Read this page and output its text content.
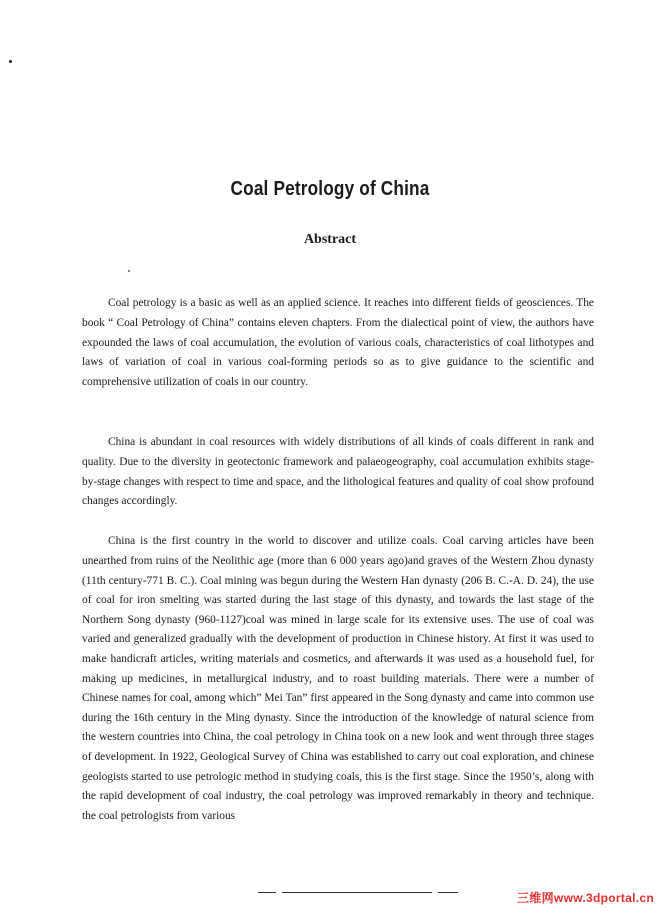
Coal Petrology of China
Abstract

Coal petrology is a basic as well as an applied science. It reaches into different fields of geosciences. The book “ Coal Petrology of China” contains eleven chapters. From the dialectical point of view, the authors have expounded the laws of coal accumulation, the evolution of various coals, characteristics of coal lithotypes and laws of variation of coal in various coal-forming periods so as to give guidance to the scientific and comprehensive utilization of coals in our country.

China is abundant in coal resources with widely distributions of all kinds of coals different in rank and quality. Due to the diversity in geotectonic framework and palaeogeography, coal accumulation exhibits stage-by-stage changes with respect to time and space, and the lithological features and quality of coal show profound changes accordingly.

China is the first country in the world to discover and utilize coals. Coal carving articles have been unearthed from ruins of the Neolithic age (more than 6 000 years ago)and graves of the Western Zhou dynasty (11th century-771 B. C.). Coal mining was begun during the Western Han dynasty (206 B. C.-A. D. 24), the use of coal for iron smelting was started during the last stage of this dynasty, and towards the last stage of the Northern Song dynasty (960-1127)coal was mined in large scale for its extensive uses. The use of coal was varied and generalized gradually with the development of production in Chinese history. At first it was used to make handicraft articles, writing materials and cosmetics, and afterwards it was used as a household fuel, for making up medicines, in metallurgical industry, and to roast building materials. There were a number of Chinese names for coal, among which” Mei Tan” first appeared in the Song dynasty and came into common use during the 16th century in the Ming dynasty. Since the introduction of the knowledge of natural science from the western countries into China, the coal petrology in China took on a new look and went through three stages of development. In 1922, Geological Survey of China was established to carry out coal exploration, and chinese geologists started to use petrologic method in studying coals, this is the first stage. Since the 1950’s, along with the rapid development of coal industry, the coal petrology was improved remarkably in theory and technique. the coal petrologists from various

三维网www.3dportal.cn
